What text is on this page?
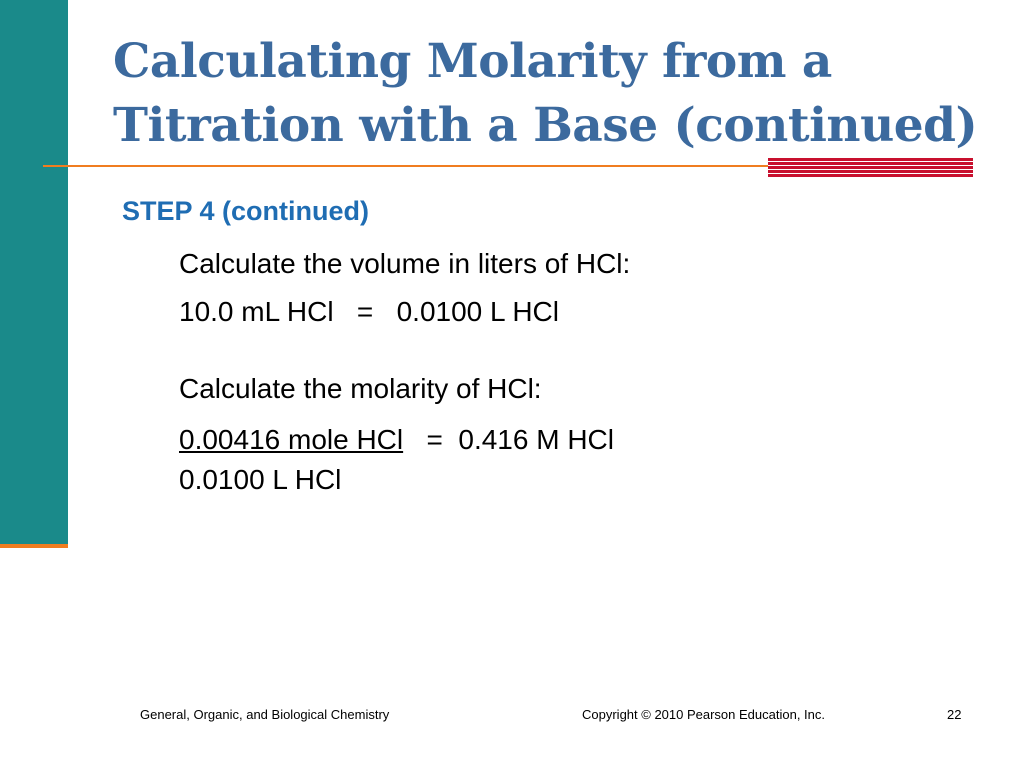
Calculating Molarity from a
Titration with a Base (continued)
STEP 4 (continued)
Calculate the volume in liters of HCl:
10.0 mL HCl   =   0.0100 L HCl
Calculate the molarity of HCl:
0.00416 mole HCl   =  0.416 M HCl
0.0100 L HCl
General, Organic, and Biological Chemistry	Copyright © 2010 Pearson Education, Inc.	22
